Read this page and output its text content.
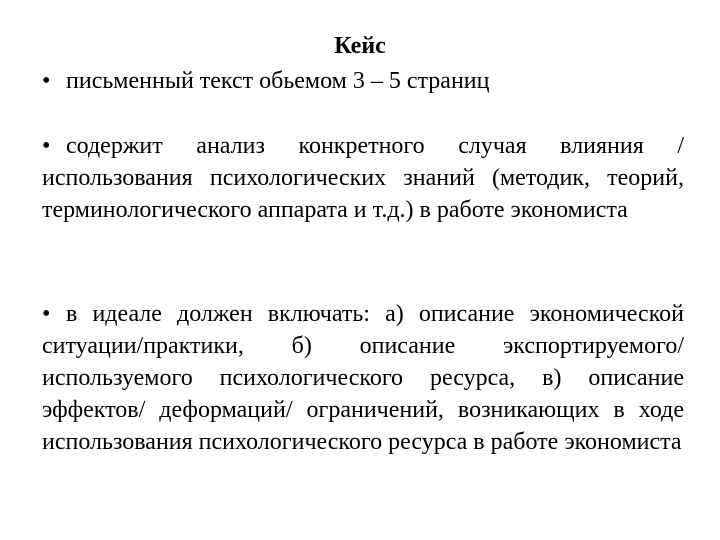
Кейс
• письменный текст обьемом 3 – 5 страниц
• содержит анализ конкретного случая влияния / использования психологических знаний (методик, теорий, терминологического аппарата и т.д.) в работе экономиста
• в идеале должен включать: а) описание экономической ситуации/практики, б) описание экспортируемого/используемого психологического ресурса, в) описание эффектов/ деформаций/ ограничений, возникающих в ходе использования психологического ресурса в работе экономиста
